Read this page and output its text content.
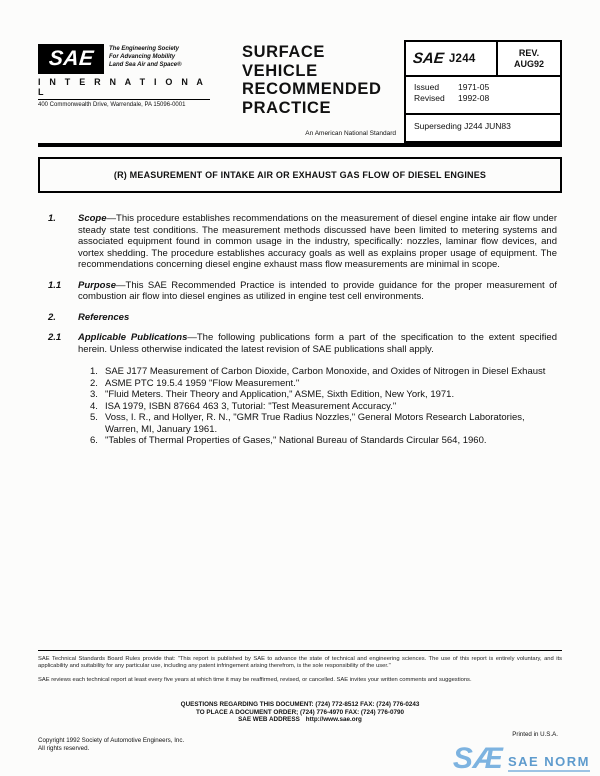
SAE The Engineering Society
For Advancing Mobility
Land Sea Air and Space®
I N T E R N A T I O N A L
400 Commonwealth Drive, Warrendale, PA 15096-0001
SURFACE
VEHICLE
RECOMMENDED
PRACTICE
An American National Standard
SAE J244	REV.
AUG92
Issued	1971-05
Revised	1992-08
Superseding J244 JUN83
(R) MEASUREMENT OF INTAKE AIR OR EXHAUST GAS FLOW OF DIESEL ENGINES
1.	Scope—This procedure establishes recommendations on the measurement of diesel engine intake air flow under steady state test conditions. The measurement methods discussed have been limited to metering systems and associated equipment found in common usage in the industry, specifically: nozzles, laminar flow devices, and vortex shedding. The procedure establishes accuracy goals as well as explains proper usage of equipment. The recommendations concerning diesel engine exhaust mass flow measurements are minimal in scope.

1.1	Purpose—This SAE Recommended Practice is intended to provide guidance for the proper measurement of combustion air flow into diesel engines as utilized in engine test cell environments.

2.	References

2.1	Applicable Publications—The following publications form a part of the specification to the extent specified herein. Unless otherwise indicated the latest revision of SAE publications shall apply.

1. SAE J177 Measurement of Carbon Dioxide, Carbon Monoxide, and Oxides of Nitrogen in Diesel Exhaust
2. ASME PTC 19.5.4 1959 "Flow Measurement."
3. "Fluid Meters. Their Theory and Application," ASME, Sixth Edition, New York, 1971.
4. ISA 1979, ISBN 87664 463 3, Tutorial: "Test Measurement Accuracy."
5. Voss, I. R., and Hollyer, R. N., "GMR True Radius Nozzles," General Motors Research Laboratories, Warren, MI, January 1961.
6. "Tables of Thermal Properties of Gases," National Bureau of Standards Circular 564, 1960.

SAE Technical Standards Board Rules provide that: "This report is published by SAE to advance the state of technical and engineering sciences. The use of this report is entirely voluntary, and its applicability and suitability for any particular use, including any patent infringement arising therefrom, is the sole responsibility of the user."

SAE reviews each technical report at least every five years at which time it may be reaffirmed, revised, or cancelled. SAE invites your written comments and suggestions.

QUESTIONS REGARDING THIS DOCUMENT: (724) 772-8512 FAX: (724) 776-0243
TO PLACE A DOCUMENT ORDER; (724) 776-4970 FAX: (724) 776-0790
SAE WEB ADDRESS http://www.sae.org
Copyright 1992 Society of Automotive Engineers, Inc.
All rights reserved.
Printed in U.S.A.
SÆ SAE NORM
